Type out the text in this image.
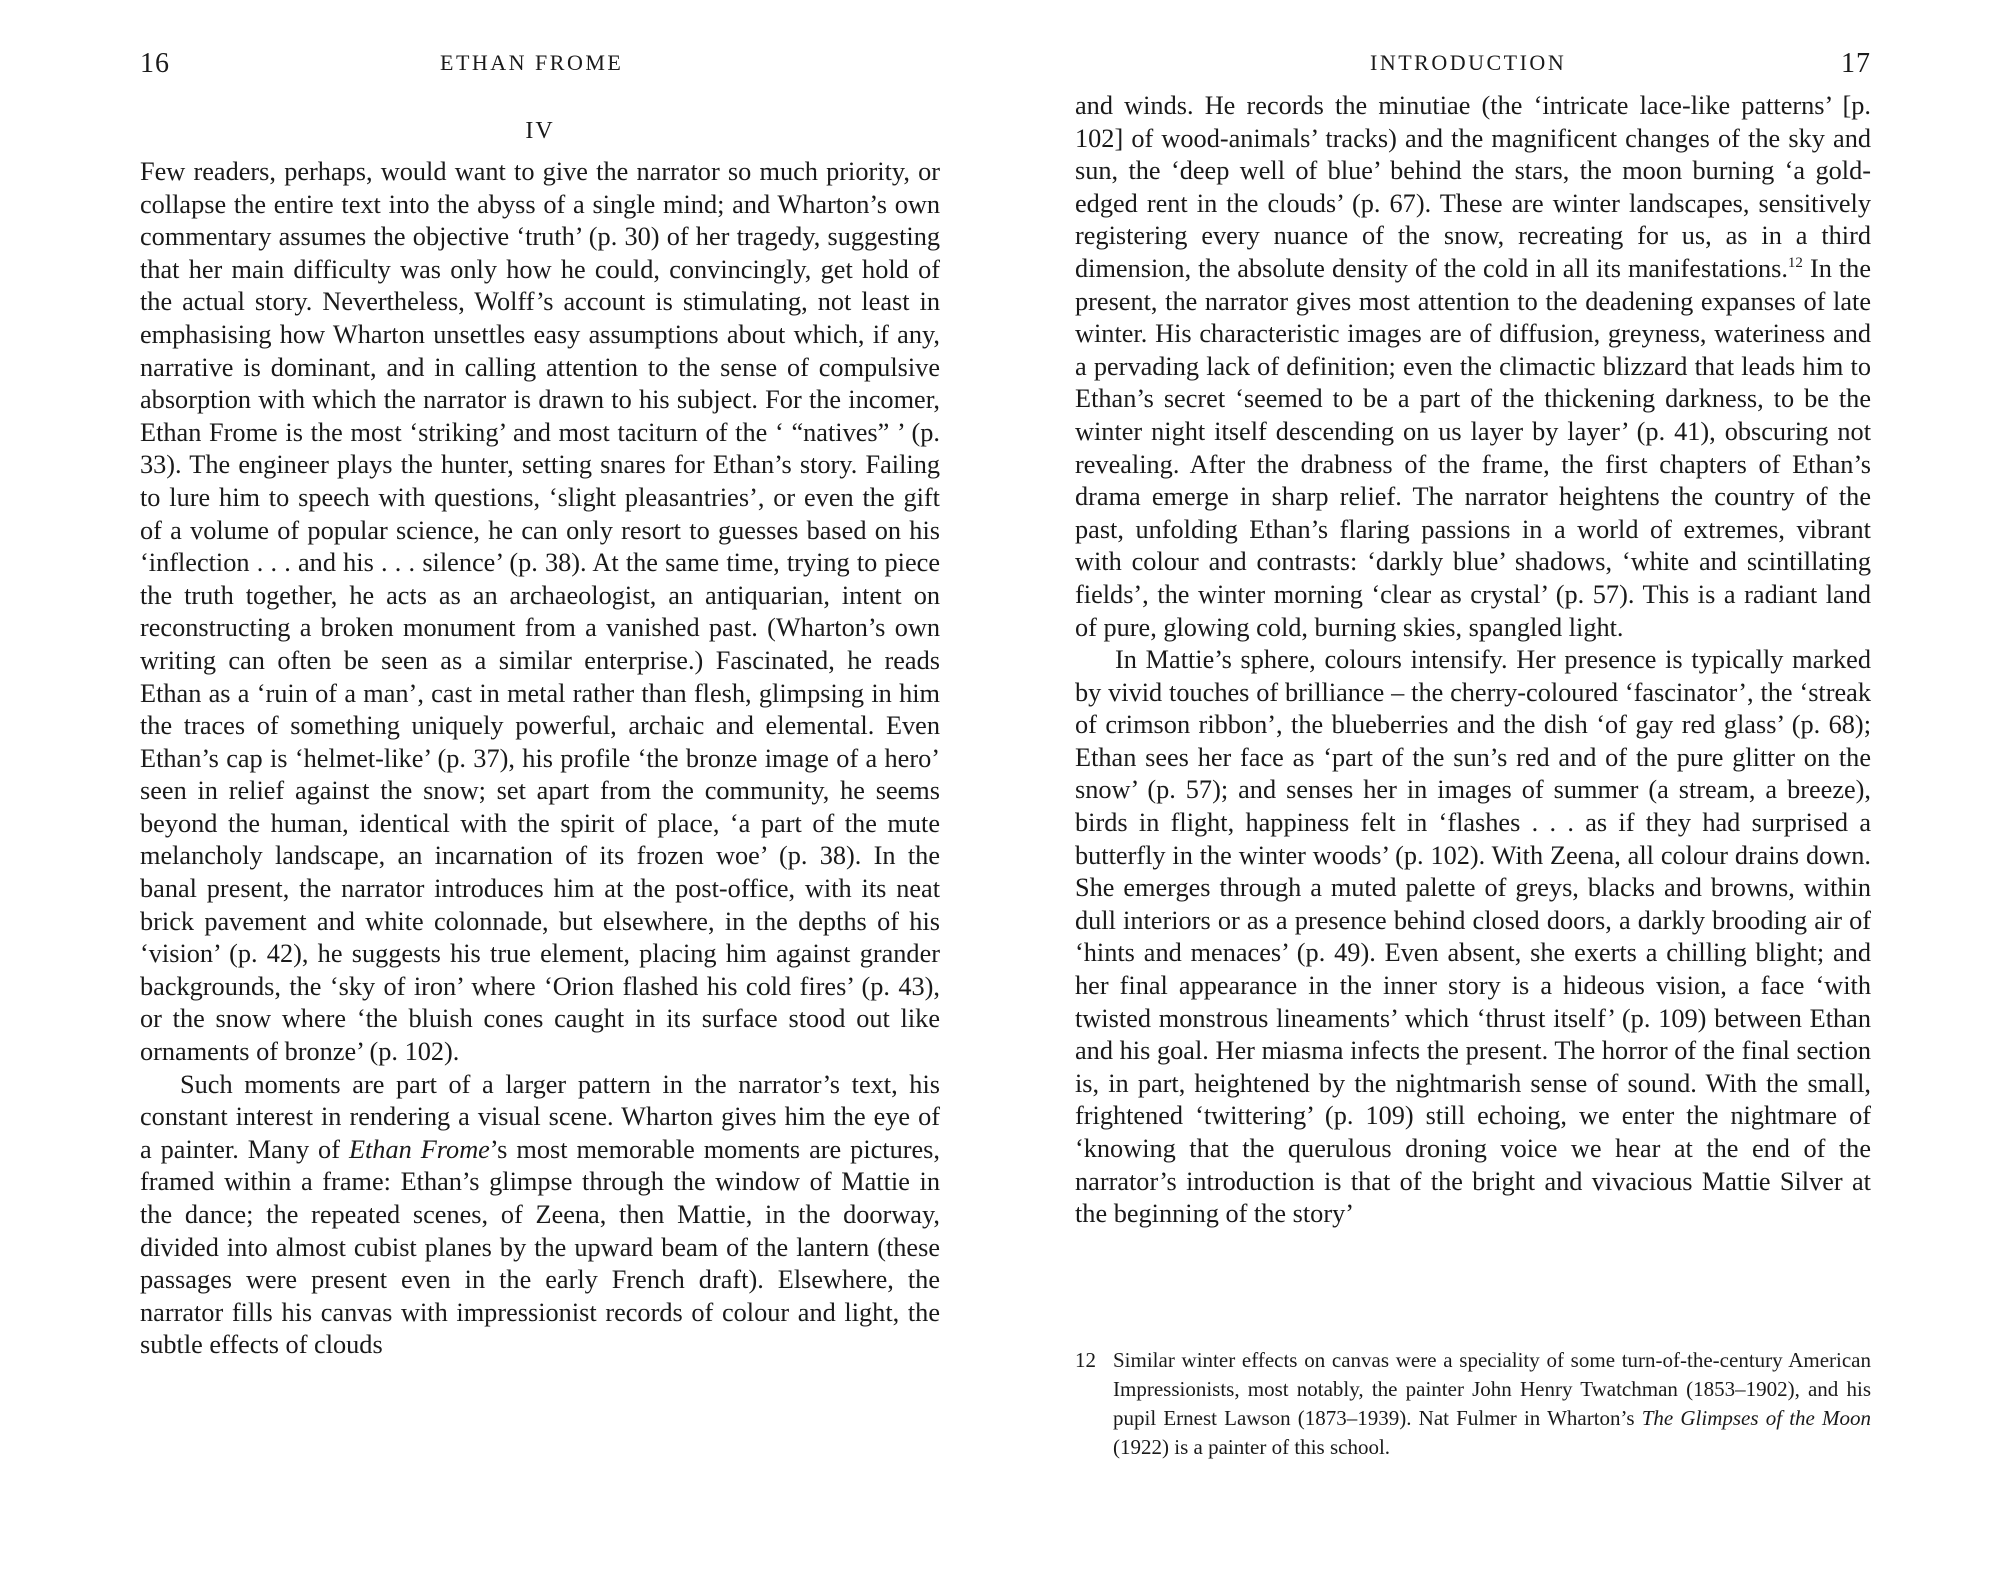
16	ETHAN FROME
IV

Few readers, perhaps, would want to give the narrator so much priority, or collapse the entire text into the abyss of a single mind; and Wharton’s own commentary assumes the objective ‘truth’ (p. 30) of her tragedy, suggesting that her main difficulty was only how he could, convincingly, get hold of the actual story. Nevertheless, Wolff’s account is stimulating, not least in emphasising how Wharton unsettles easy assumptions about which, if any, narrative is dominant, and in calling attention to the sense of compulsive absorption with which the narrator is drawn to his subject. For the incomer, Ethan Frome is the most ‘striking’ and most taciturn of the ‘ “natives” ’ (p. 33). The engineer plays the hunter, setting snares for Ethan’s story. Failing to lure him to speech with questions, ‘slight pleasantries’, or even the gift of a volume of popular science, he can only resort to guesses based on his ‘inflection . . . and his . . . silence’ (p. 38). At the same time, trying to piece the truth together, he acts as an archaeologist, an antiquarian, intent on reconstructing a broken monument from a vanished past. (Wharton’s own writing can often be seen as a similar enterprise.) Fascinated, he reads Ethan as a ‘ruin of a man’, cast in metal rather than flesh, glimpsing in him the traces of something uniquely powerful, archaic and elemental. Even Ethan’s cap is ‘helmet-like’ (p. 37), his profile ‘the bronze image of a hero’ seen in relief against the snow; set apart from the community, he seems beyond the human, identical with the spirit of place, ‘a part of the mute melancholy landscape, an incarnation of its frozen woe’ (p. 38). In the banal present, the narrator introduces him at the post-office, with its neat brick pavement and white colonnade, but elsewhere, in the depths of his ‘vision’ (p. 42), he suggests his true element, placing him against grander backgrounds, the ‘sky of iron’ where ‘Orion flashed his cold fires’ (p. 43), or the snow where ‘the bluish cones caught in its surface stood out like ornaments of bronze’ (p. 102).

Such moments are part of a larger pattern in the narrator’s text, his constant interest in rendering a visual scene. Wharton gives him the eye of a painter. Many of Ethan Frome’s most memorable moments are pictures, framed within a frame: Ethan’s glimpse through the window of Mattie in the dance; the repeated scenes, of Zeena, then Mattie, in the doorway, divided into almost cubist planes by the upward beam of the lantern (these passages were present even in the early French draft). Elsewhere, the narrator fills his canvas with impressionist records of colour and light, the subtle effects of clouds

INTRODUCTION	17

and winds. He records the minutiae (the ‘intricate lace-like patterns’ [p. 102] of wood-animals’ tracks) and the magnificent changes of the sky and sun, the ‘deep well of blue’ behind the stars, the moon burning ‘a gold-edged rent in the clouds’ (p. 67). These are winter landscapes, sensitively registering every nuance of the snow, recreating for us, as in a third dimension, the absolute density of the cold in all its manifestations.$^{12}$ In the present, the narrator gives most attention to the deadening expanses of late winter. His characteristic images are of diffusion, greyness, wateriness and a pervading lack of definition; even the climactic blizzard that leads him to Ethan’s secret ‘seemed to be a part of the thickening darkness, to be the winter night itself descending on us layer by layer’ (p. 41), obscuring not revealing. After the drabness of the frame, the first chapters of Ethan’s drama emerge in sharp relief. The narrator heightens the country of the past, unfolding Ethan’s flaring passions in a world of extremes, vibrant with colour and contrasts: ‘darkly blue’ shadows, ‘white and scintillating fields’, the winter morning ‘clear as crystal’ (p. 57). This is a radiant land of pure, glowing cold, burning skies, spangled light.

In Mattie’s sphere, colours intensify. Her presence is typically marked by vivid touches of brilliance – the cherry-coloured ‘fascinator’, the ‘streak of crimson ribbon’, the blueberries and the dish ‘of gay red glass’ (p. 68); Ethan sees her face as ‘part of the sun’s red and of the pure glitter on the snow’ (p. 57); and senses her in images of summer (a stream, a breeze), birds in flight, happiness felt in ‘flashes . . . as if they had surprised a butterfly in the winter woods’ (p. 102). With Zeena, all colour drains down. She emerges through a muted palette of greys, blacks and browns, within dull interiors or as a presence behind closed doors, a darkly brooding air of ‘hints and menaces’ (p. 49). Even absent, she exerts a chilling blight; and her final appearance in the inner story is a hideous vision, a face ‘with twisted monstrous lineaments’ which ‘thrust itself’ (p. 109) between Ethan and his goal. Her miasma infects the present. The horror of the final section is, in part, heightened by the nightmarish sense of sound. With the small, frightened ‘twittering’ (p. 109) still echoing, we enter the nightmare of ‘knowing that the querulous droning voice we hear at the end of the narrator’s introduction is that of the bright and vivacious Mattie Silver at the beginning of the story’

12 Similar winter effects on canvas were a speciality of some turn-of-the-century American Impressionists, most notably, the painter John Henry Twatchman (1853–1902), and his pupil Ernest Lawson (1873–1939). Nat Fulmer in Wharton’s The Glimpses of the Moon (1922) is a painter of this school.
